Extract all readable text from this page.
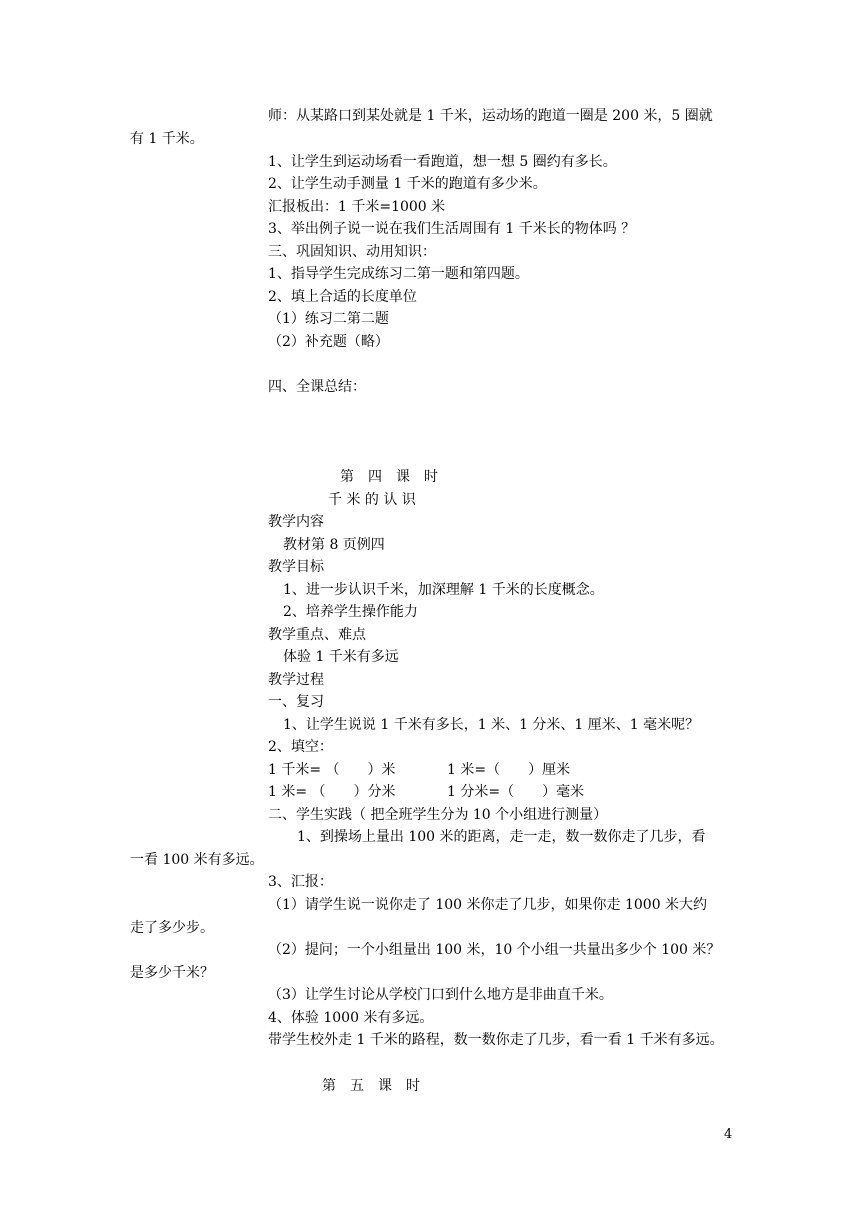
师：从某路口到某处就是 1 千米，运动场的跑道一圈是 200 米，5 圈就
有 1 千米。
1、让学生到运动场看一看跑道，想一想 5 圈约有多长。
2、让学生动手测量 1 千米的跑道有多少米。
汇报板出：1 千米=1000 米
3、举出例子说一说在我们生活周围有 1 千米长的物体吗 ？
三、巩固知识、动用知识：
1、指导学生完成练习二第一题和第四题。
2、填上合适的长度单位
（1）练习二第二题
（2）补充题（略）
四、全课总结：
第　四　课　时
千 米 的 认 识
教学内容
教材第 8 页例四
教学目标
1、进一步认识千米，加深理解 1 千米的长度概念。
2、培养学生操作能力
教学重点、难点
体验 1 千米有多远
教学过程
一、复习
1、让学生说说 1 千米有多长，1 米、1 分米、1 厘米、1 毫米呢？
2、填空：
1 千米= （　　）米	1 米=（　　）厘米
1 米= （　　）分米	1 分米=（　　）毫米
二、学生实践（ 把全班学生分为 10 个小组进行测量）
1、到操场上量出 100 米的距离，走一走，数一数你走了几步，看
一看 100 米有多远。
3、汇报：
（1）请学生说一说你走了 100 米你走了几步，如果你走 1000 米大约
走了多少步。
（2）提问；一个小组量出 100 米，10 个小组一共量出多少个 100 米？
是多少千米？
（3）让学生讨论从学校门口到什么地方是非曲直千米。
4、体验 1000 米有多远。
带学生校外走 1 千米的路程，数一数你走了几步，看一看 1 千米有多远。
第　五　课　时
4
